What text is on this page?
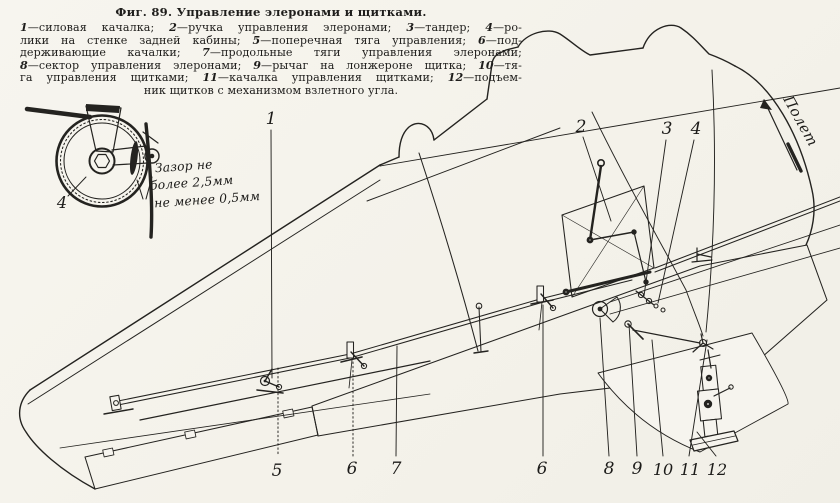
Зазор не
более 2,5мм
не менее 0,5мм
4
Полет
1	2	3 4
5	6 7	6	8 9 10 11 12
Фиг. 89. Управление элеронами и щитками.
1—силовая качалка; 2—ручка управления элеронами; 3—тандер; 4—ро-
лики на стенке задней кабины; 5—поперечная тяга управления; 6—под-
держивающие качалки; 7—продольные тяги управления элеронами;
8—сектор управления элеронами; 9—рычаг на лонжероне щитка; 10—тя-
га управления щитками; 11—качалка управления щитками; 12—подъем-
ник щитков с механизмом взлетного угла.
